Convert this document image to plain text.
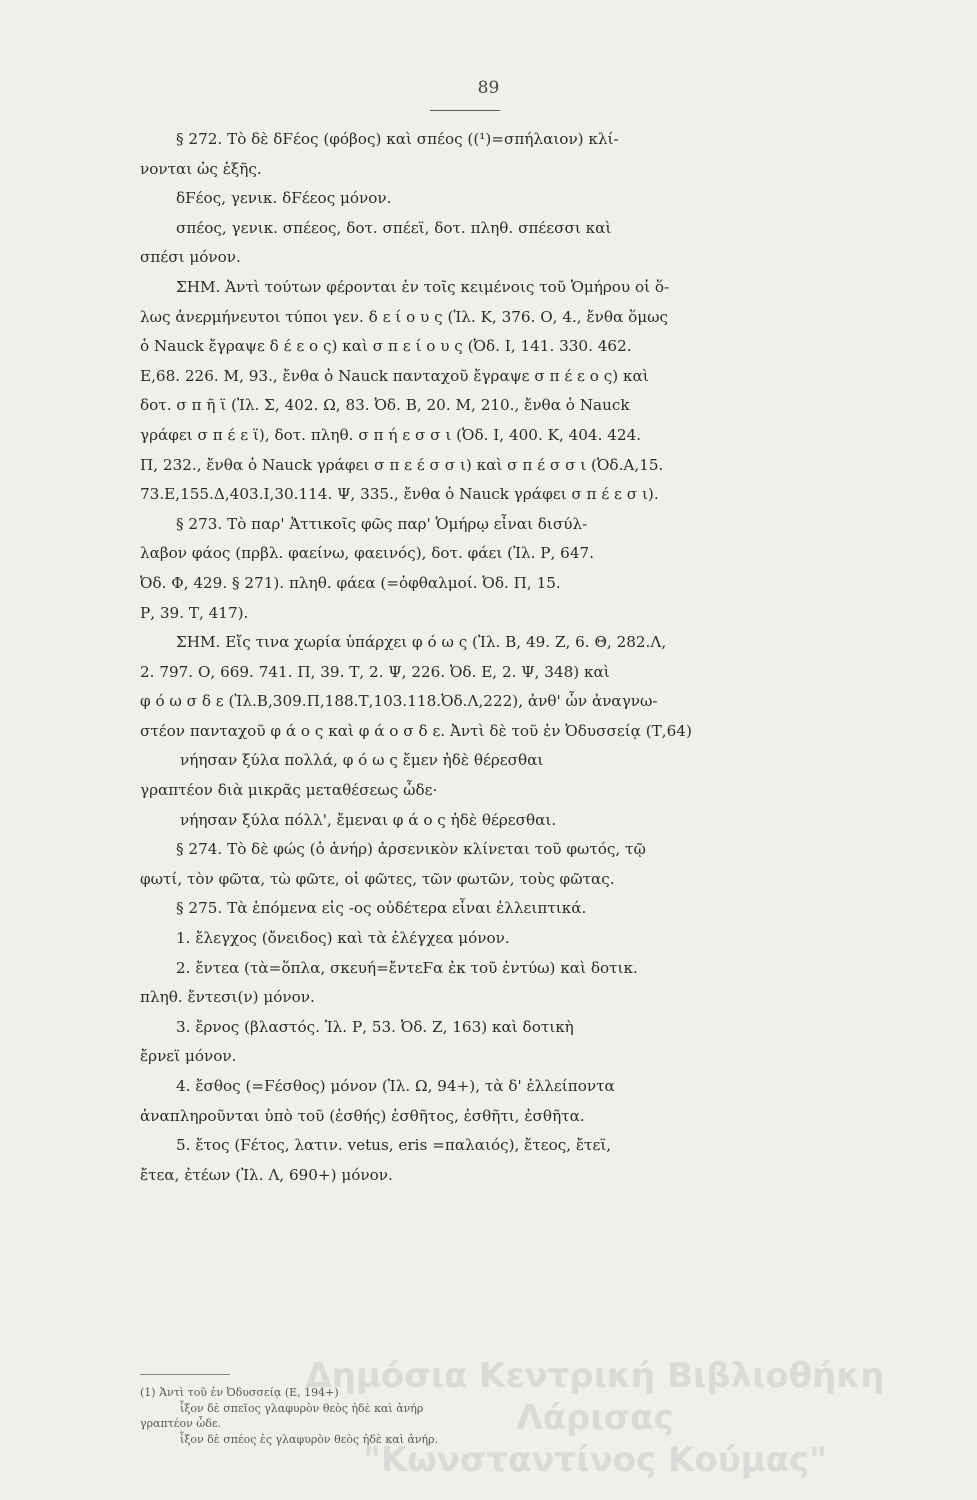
89

§ 272. Τὸ δὲ δϜέος (φόβος) καὶ σπέος ((¹)=σπήλαιον) κλί-

νονται ὡς ἑξῆς.

δϜέος, γενικ. δϜέεος μόνον.

σπέος, γενικ. σπέεος, δοτ. σπέεϊ, δοτ. πληθ. σπέεσσι καὶ

σπέσι μόνον.

ΣΗΜ. Ἀντὶ τούτων φέρονται ἐν τοῖς κειμένοις τοῦ Ὁμήρου οἱ ὅ-

λως ἀνερμήνευτοι τύποι γεν. δ ε ί ο υ ς (Ἰλ. Κ, 376. Ο, 4., ἔνθα ὅμως

ὁ Nauck ἔγραψε δ έ ε ο ς) καὶ σ π ε ί ο υ ς (Ὀδ. Ι, 141. 330. 462.

Ε,68. 226. Μ, 93., ἔνθα ὁ Nauck πανταχοῦ ἔγραψε σ π έ ε ο ς) καὶ

δοτ. σ π ῆ ϊ (Ἰλ. Σ, 402. Ω, 83. Ὀδ. Β, 20. Μ, 210., ἔνθα ὁ Nauck

γράφει σ π έ ε ϊ), δοτ. πληθ. σ π ή ε σ σ ι (Ὀδ. Ι, 400. Κ, 404. 424.

Π, 232., ἔνθα ὁ Nauck γράφει σ π ε έ σ σ ι) καὶ σ π έ σ σ ι (Ὀδ.Α,15.

73.Ε,155.Δ,403.Ι,30.114. Ψ, 335., ἔνθα ὁ Nauck γράφει σ π έ ε σ ι).

§ 273. Τὸ παρ' Ἀττικοῖς φῶς παρ' Ὁμήρῳ εἶναι δισύλ-

λαβον φάος (πρβλ. φαείνω, φαεινός), δοτ. φάει (Ἰλ. Ρ, 647.

Ὀδ. Φ, 429. § 271). πληθ. φάεα (=ὀφθαλμοί. Ὀδ. Π, 15.

Ρ, 39. Τ, 417).

ΣΗΜ. Εἴς τινα χωρία ὑπάρχει φ ό ω ς (Ἰλ. Β, 49. Ζ, 6. Θ, 282.Λ,

2. 797. Ο, 669. 741. Π, 39. Τ, 2. Ψ, 226. Ὀδ. Ε, 2. Ψ, 348) καὶ

φ ό ω σ δ ε (Ἰλ.Β,309.Π,188.Τ,103.118.Ὀδ.Λ,222), ἀνθ' ὧν ἀναγνω-

στέον πανταχοῦ φ ά ο ς καὶ φ ά ο σ δ ε. Ἀντὶ δὲ τοῦ ἐν Ὀδυσσείᾳ (Τ,64)

νήησαν ξύλα πολλά, φ ό ω ς ἔμεν ἠδὲ θέρεσθαι

γραπτέον διὰ μικρᾶς μεταθέσεως ὧδε·

νήησαν ξύλα πόλλ', ἔμεναι φ ά ο ς ἠδὲ θέρεσθαι.

§ 274. Τὸ δὲ φώς (ὁ ἀνήρ) ἀρσενικὸν κλίνεται τοῦ φωτός, τῷ

φωτί, τὸν φῶτα, τὼ φῶτε, οἱ φῶτες, τῶν φωτῶν, τοὺς φῶτας.

§ 275. Τὰ ἑπόμενα εἰς -ος οὐδέτερα εἶναι ἐλλειπτικά.

1. ἔλεγχος (ὄνειδος) καὶ τὰ ἐλέγχεα μόνον.

2. ἔντεα (τὰ=ὅπλα, σκευή=ἔντεϜα ἐκ τοῦ ἐντύω) καὶ δοτικ.

πληθ. ἔντεσι(ν) μόνον.

3. ἔρνος (βλαστός. Ἰλ. Ρ, 53. Ὀδ. Ζ, 163) καὶ δοτικὴ

ἔρνεϊ μόνον.

4. ἔσθος (=Ϝέσθος) μόνον (Ἰλ. Ω, 94+), τὰ δ' ἐλλείποντα

ἀναπληροῦνται ὑπὸ τοῦ (ἐσθής) ἐσθῆτος, ἐσθῆτι, ἐσθῆτα.

5. ἔτος (Ϝέτος, λατιν. vetus, eris =παλαιός), ἔτεος, ἔτεϊ,

ἔτεα, ἐτέων (Ἰλ. Λ, 690+) μόνον.

(1) Ἀντὶ τοῦ ἐν Ὀδυσσείᾳ (Ε, 194+)

ἶξον δὲ σπεῖος γλαφυρὸν θεὸς ἠδὲ καὶ ἀνήρ

γραπτέον ὧδε.

ἶξον δὲ σπέος ἐς γλαφυρὸν θεὸς ἠδὲ καὶ ἀνήρ.

Δημόσια Κεντρική Βιβλιοθήκη Λάρισας
"Κωνσταντίνος Κούμας"
